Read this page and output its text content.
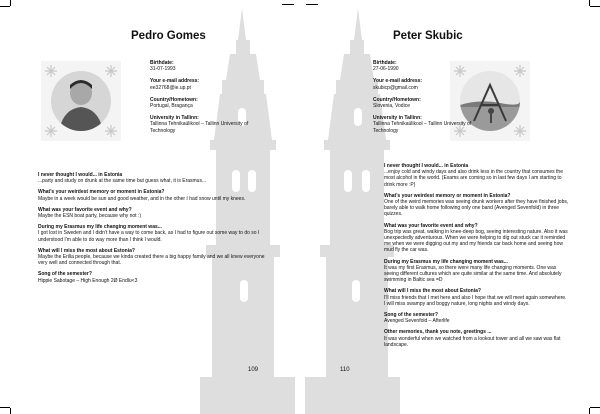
Pedro Gomes
Birthdate:
31-07-1993
Your e-mail address:
ee32768@ie.up.pt
Country/Hometown:
Portugal, Bragança
University in Tallinn:
Tallinna Tehnikaülikool – Tallinn University of Technology
I never thought I would... in Estonia
...party and study on drunk at the same time but guess what, it is Erasmus...
What's your weirdest memory or moment in Estonia?
Maybe in a week would be sun and good weather, and in the other I had snow until my knees.
What was your favorite event and why?
Maybe the ESN boat party, because why not :)
During my Erasmus my life changing moment was...
I got lost in Sweden and I didn't have a way to come back, as I had to figure out some way to do so I understood I'm able to do way more than I think I would.
What will I miss the most about Estonia?
Maybe the Erilla people, because we kinda created there a big happy family and we all knew everyone very well and connected through that.
Song of the semester?
Hippie Sabotage – High Enough 2Ø Endlu<3
109
Peter Skubic
Birthdate:
27-06-1990
Your e-mail address:
skubicp@gmail.com
Country/Hometown:
Slovenia, Vodice
University in Tallinn:
Tallinna Tehnikaülikool – Tallinn University of Technology
I never thought I would... in Estonia
...enjoy cold and windy days and also drink less in the country that consumes the most alcohol in the world. (Exams are coming so in last few days I am starting to drink more :P)
What's your weirdest memory or moment in Estonia?
One of the weird memories was seeing drunk workers after they have finished jobs, barely able to walk home following only one band (Avenged Sevenfold) in three quizzes.
What was your favorite event and why?
Bog trip was great, walking in knee-deep bog, seeing interesting nature. Also it was unexpectedly adventurous. When we were helping to dig out stuck car it reminded me when we were digging out my and my friends car back home and seeing how mud fly the car was.
During my Erasmus my life changing moment was...
It was my first Erasmus, so there were many life changing moments. One was seeing different cultures which are quite similar at the same time. And absolutely swimming in Baltic sea =D
What will I miss the most about Estonia?
I'll miss friends that I met here and also I hope that we will meet again somewhere. I will miss swampy and boggy nature, long nights and windy days.
Song of the semester?
Avenged Sevenfold – Afterlife
Other memories, thank you note, greetings ...
It was wonderful when we watched from a lookout tower and all we saw was flat landscape.
110
